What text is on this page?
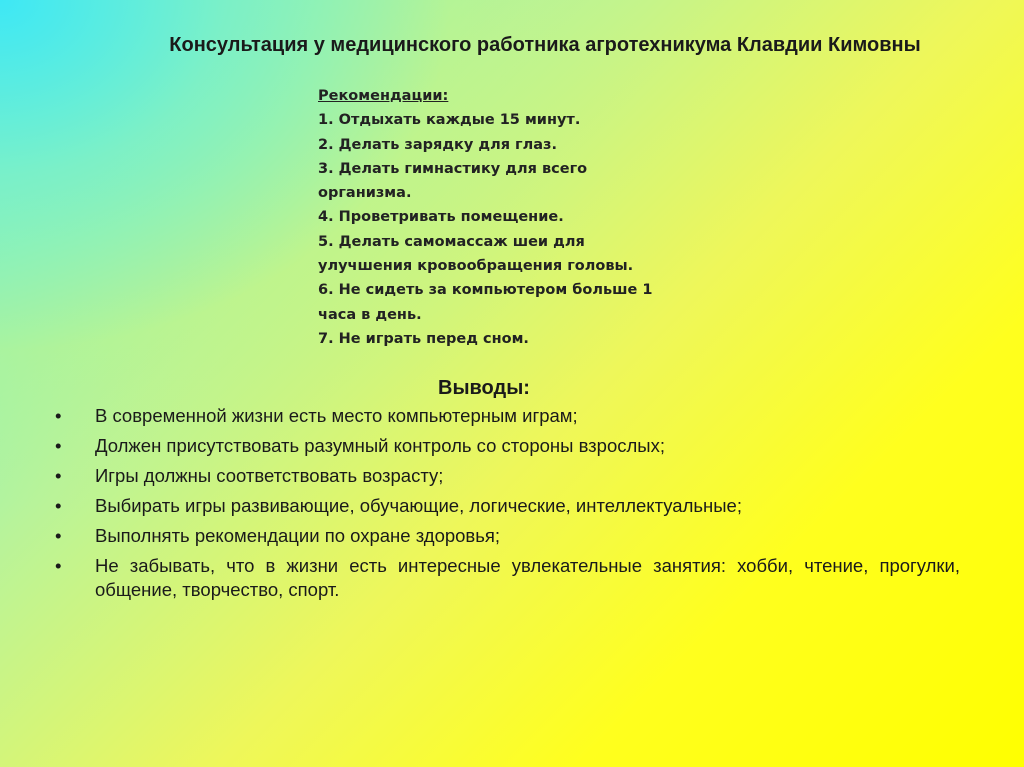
Консультация у медицинского работника агротехникума Клавдии Кимовны
Рекомендации:
1. Отдыхать каждые 15 минут.
2. Делать зарядку для глаз.
3. Делать гимнастику для всего организма.
4. Проветривать помещение.
5. Делать самомассаж шеи для улучшения кровообращения головы.
6. Не сидеть за компьютером больше 1 часа в день.
7. Не играть перед сном.
Выводы:
• В современной жизни есть место компьютерным играм;
• Должен присутствовать разумный контроль со стороны взрослых;
• Игры должны соответствовать возрасту;
• Выбирать игры развивающие, обучающие, логические, интеллектуальные;
• Выполнять рекомендации по охране здоровья;
• Не забывать, что в жизни есть интересные увлекательные занятия: хобби, чтение, прогулки, общение, творчество, спорт.
